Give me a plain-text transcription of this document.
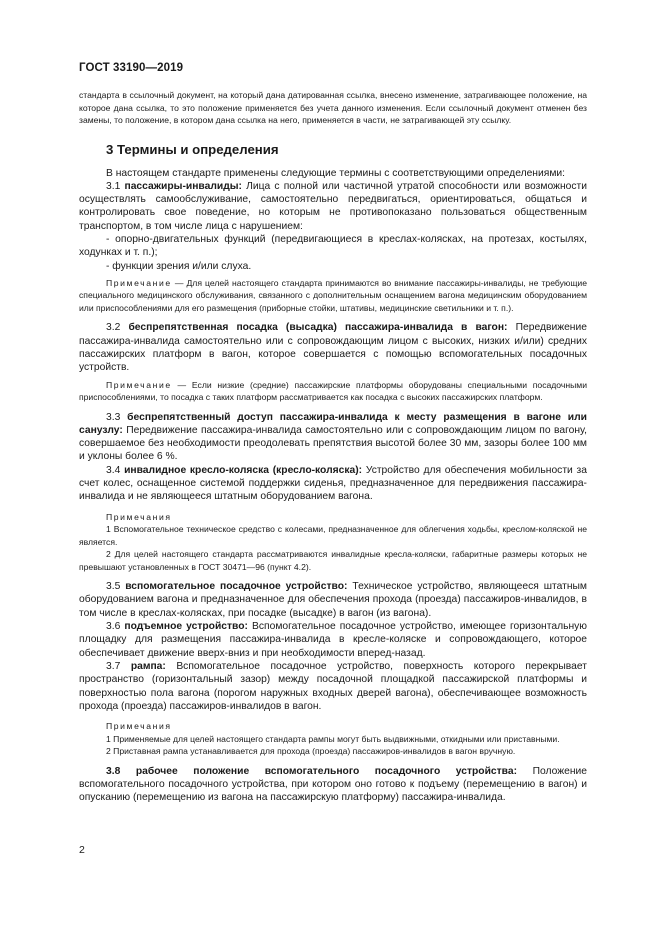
ГОСТ 33190—2019

стандарта в ссылочный документ, на который дана датированная ссылка, внесено изменение, затрагивающее положение, на которое дана ссылка, то это положение применяется без учета данного изменения. Если ссылочный документ отменен без замены, то положение, в котором дана ссылка на него, применяется в части, не затрагивающей эту ссылку.

3 Термины и определения

В настоящем стандарте применены следующие термины с соответствующими определениями:

3.1 пассажиры-инвалиды: Лица с полной или частичной утратой способности или возможности осуществлять самообслуживание, самостоятельно передвигаться, ориентироваться, общаться и контролировать свое поведение, но которым не противопоказано пользоваться общественным транспортом, в том числе лица с нарушением:

- опорно-двигательных функций (передвигающиеся в креслах-колясках, на протезах, костылях, ходунках и т. п.);

- функции зрения и/или слуха.

Примечание — Для целей настоящего стандарта принимаются во внимание пассажиры-инвалиды, не требующие специального медицинского обслуживания, связанного с дополнительным оснащением вагона медицинским оборудованием или приспособлениями для его размещения (приборные стойки, штативы, медицинские светильники и т. п.).

3.2 беспрепятственная посадка (высадка) пассажира-инвалида в вагон: Передвижение пассажира-инвалида самостоятельно или с сопровождающим лицом с высоких, низких и/или) средних пассажирских платформ в вагон, которое совершается с помощью вспомогательных посадочных устройств.

Примечание — Если низкие (средние) пассажирские платформы оборудованы специальными посадочными приспособлениями, то посадка с таких платформ рассматривается как посадка с высоких пассажирских платформ.

3.3 беспрепятственный доступ пассажира-инвалида к месту размещения в вагоне или санузлу: Передвижение пассажира-инвалида самостоятельно или с сопровождающим лицом по вагону, совершаемое без необходимости преодолевать препятствия высотой более 30 мм, зазоры более 100 мм и уклоны более 6 %.

3.4 инвалидное кресло-коляска (кресло-коляска): Устройство для обеспечения мобильности за счет колес, оснащенное системой поддержки сиденья, предназначенное для передвижения пассажира-инвалида и не являющееся штатным оборудованием вагона.

Примечания

1 Вспомогательное техническое средство с колесами, предназначенное для облегчения ходьбы, креслом-коляской не является.

2 Для целей настоящего стандарта рассматриваются инвалидные кресла-коляски, габаритные размеры которых не превышают установленных в ГОСТ 30471—96 (пункт 4.2).

3.5 вспомогательное посадочное устройство: Техническое устройство, являющееся штатным оборудованием вагона и предназначенное для обеспечения прохода (проезда) пассажиров-инвалидов, в том числе в креслах-колясках, при посадке (высадке) в вагон (из вагона).

3.6 подъемное устройство: Вспомогательное посадочное устройство, имеющее горизонтальную площадку для размещения пассажира-инвалида в кресле-коляске и сопровождающего, которое обеспечивает движение вверх-вниз и при необходимости вперед-назад.

3.7 рампа: Вспомогательное посадочное устройство, поверхность которого перекрывает пространство (горизонтальный зазор) между посадочной площадкой пассажирской платформы и поверхностью пола вагона (порогом наружных входных дверей вагона), обеспечивающее возможность прохода (проезда) пассажиров-инвалидов в вагон.

Примечания

1 Применяемые для целей настоящего стандарта рампы могут быть выдвижными, откидными или приставными.

2 Приставная рампа устанавливается для прохода (проезда) пассажиров-инвалидов в вагон вручную.

3.8 рабочее положение вспомогательного посадочного устройства: Положение вспомогательного посадочного устройства, при котором оно готово к подъему (перемещению в вагон) и опусканию (перемещению из вагона на пассажирскую платформу) пассажира-инвалида.

2
